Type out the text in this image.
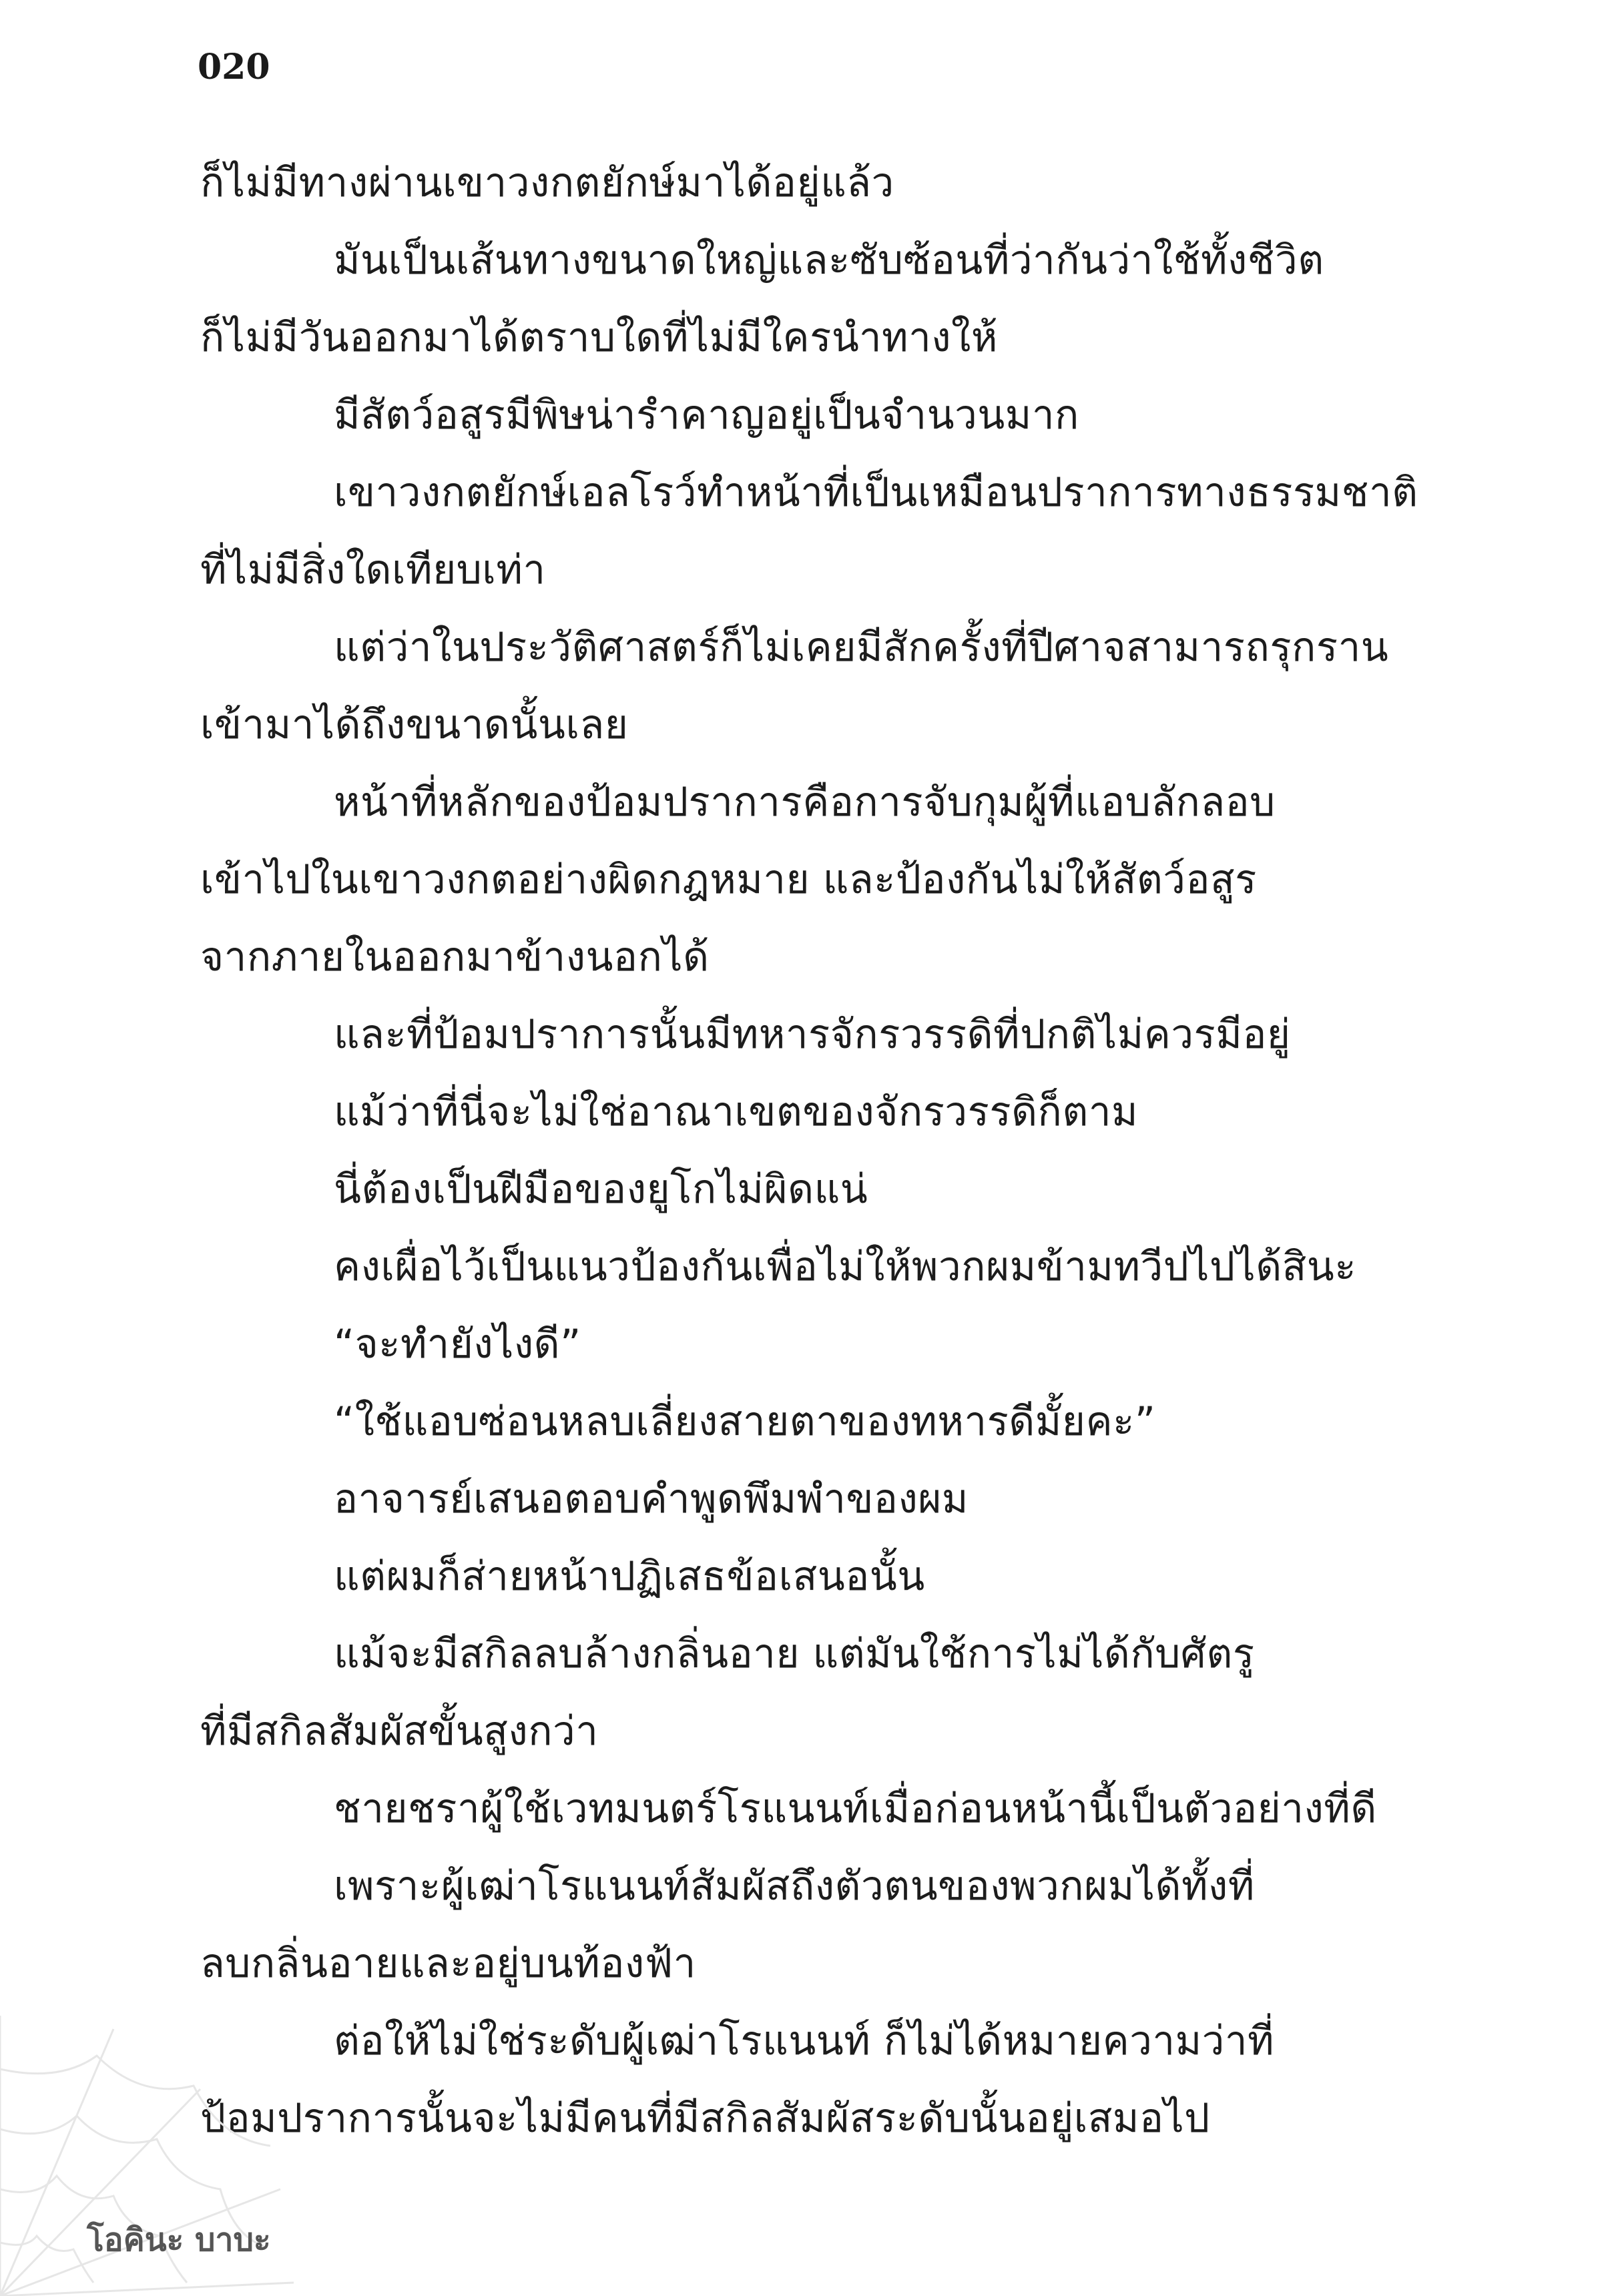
020
ก็ไม่มีทางผ่านเขาวงกตยักษ์มาได้อยู่แล้ว
มันเป็นเส้นทางขนาดใหญ่และซับซ้อนที่ว่ากันว่าใช้ทั้งชีวิต
ก็ไม่มีวันออกมาได้ตราบใดที่ไม่มีใครนำทางให้
มีสัตว์อสูรมีพิษน่ารำคาญอยู่เป็นจำนวนมาก
เขาวงกตยักษ์เอลโรว์ทำหน้าที่เป็นเหมือนปราการทางธรรมชาติ
ที่ไม่มีสิ่งใดเทียบเท่า
แต่ว่าในประวัติศาสตร์ก็ไม่เคยมีสักครั้งที่ปีศาจสามารถรุกราน
เข้ามาได้ถึงขนาดนั้นเลย
หน้าที่หลักของป้อมปราการคือการจับกุมผู้ที่แอบลักลอบ
เข้าไปในเขาวงกตอย่างผิดกฎหมาย และป้องกันไม่ให้สัตว์อสูร
จากภายในออกมาข้างนอกได้
และที่ป้อมปราการนั้นมีทหารจักรวรรดิที่ปกติไม่ควรมีอยู่
แม้ว่าที่นี่จะไม่ใช่อาณาเขตของจักรวรรดิก็ตาม
นี่ต้องเป็นฝีมือของยูโกไม่ผิดแน่
คงเผื่อไว้เป็นแนวป้องกันเพื่อไม่ให้พวกผมข้ามทวีปไปได้สินะ
“จะทำยังไงดี”
“ใช้แอบซ่อนหลบเลี่ยงสายตาของทหารดีมั้ยคะ”
อาจารย์เสนอตอบคำพูดพึมพำของผม
แต่ผมก็ส่ายหน้าปฏิเสธข้อเสนอนั้น
แม้จะมีสกิลลบล้างกลิ่นอาย แต่มันใช้การไม่ได้กับศัตรู
ที่มีสกิลสัมผัสขั้นสูงกว่า
ชายชราผู้ใช้เวทมนตร์โรแนนท์เมื่อก่อนหน้านี้เป็นตัวอย่างที่ดี
เพราะผู้เฒ่าโรแนนท์สัมผัสถึงตัวตนของพวกผมได้ทั้งที่
ลบกลิ่นอายและอยู่บนท้องฟ้า
ต่อให้ไม่ใช่ระดับผู้เฒ่าโรแนนท์ ก็ไม่ได้หมายความว่าที่
ป้อมปราการนั้นจะไม่มีคนที่มีสกิลสัมผัสระดับนั้นอยู่เสมอไป
โอคินะ บาบะ
